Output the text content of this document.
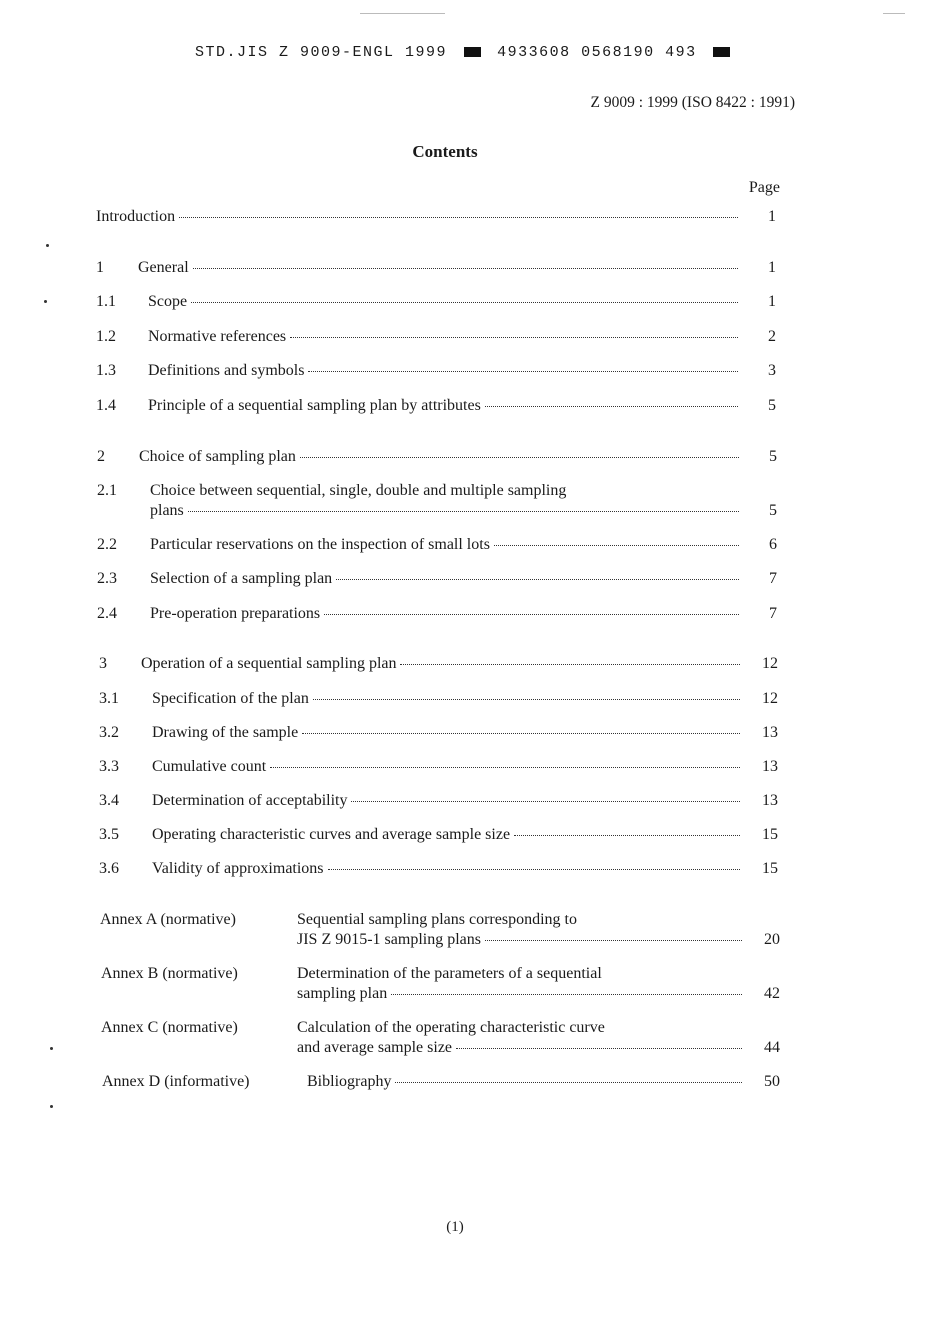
STD.JIS Z 9009-ENGL 1999	4933608 0568190 493
Z 9009 : 1999 (ISO 8422 : 1991)
Contents
Page
Introduction	1
1	General	1
1.1	Scope	1
1.2	Normative references	2
1.3	Definitions and symbols	3
1.4	Principle of a sequential sampling plan by attributes	5
2	Choice of sampling plan	5
2.1	Choice between sequential, single, double and multiple sampling
plans	5
2.2	Particular reservations on the inspection of small lots	6
2.3	Selection of a sampling plan	7
2.4	Pre-operation preparations	7
3	Operation of a sequential sampling plan	12
3.1	Specification of the plan	12
3.2	Drawing of the sample	13
3.3	Cumulative count	13
3.4	Determination of acceptability	13
3.5	Operating characteristic curves and average sample size	15
3.6	Validity of approximations	15
Annex A (normative)	Sequential sampling plans corresponding to
JIS Z 9015-1 sampling plans	20
Annex B (normative)	Determination of the parameters of a sequential
sampling plan	42
Annex C (normative)	Calculation of the operating characteristic curve
and average sample size	44
Annex D (informative)	Bibliography	50
(1)
